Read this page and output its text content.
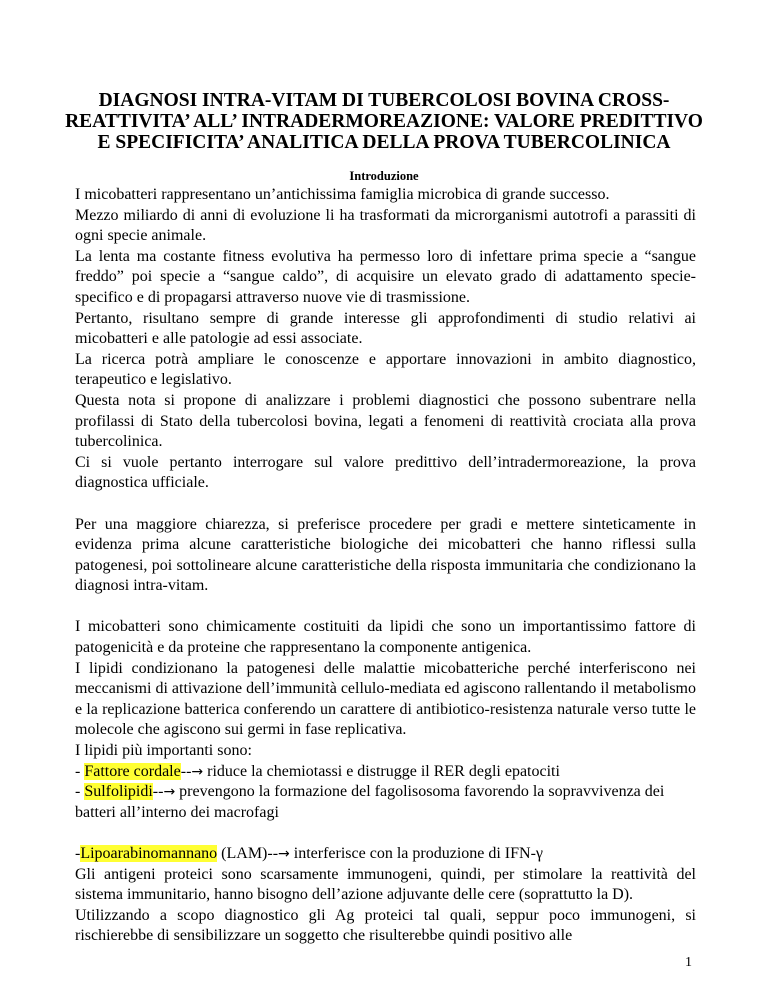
DIAGNOSI INTRA-VITAM DI TUBERCOLOSI BOVINA CROSS-REATTIVITA’ ALL’ INTRADERMOREAZIONE: VALORE PREDITTIVO E SPECIFICITA’ ANALITICA DELLA PROVA TUBERCOLINICA
Introduzione

I micobatteri rappresentano un’antichissima famiglia microbica di grande successo.

Mezzo miliardo di anni di evoluzione li ha trasformati da microrganismi autotrofi a parassiti di ogni specie animale.

La lenta ma costante fitness evolutiva ha permesso loro di infettare prima specie a “sangue freddo” poi specie a “sangue caldo”, di acquisire un elevato grado di adattamento specie-specifico e di propagarsi attraverso nuove vie di trasmissione.

Pertanto, risultano sempre di grande interesse gli approfondimenti di studio relativi ai micobatteri e alle patologie ad essi associate.

La ricerca potrà ampliare le conoscenze e apportare innovazioni in ambito diagnostico, terapeutico e legislativo.

Questa nota si propone di analizzare i problemi diagnostici che possono subentrare nella profilassi di Stato della tubercolosi bovina, legati a fenomeni di reattività crociata alla prova tubercolinica.

Ci si vuole pertanto interrogare sul valore predittivo dell’intradermoreazione, la prova diagnostica ufficiale.

Per una maggiore chiarezza, si preferisce procedere per gradi e mettere sinteticamente in evidenza prima alcune caratteristiche biologiche dei micobatteri che hanno riflessi sulla patogenesi, poi sottolineare alcune caratteristiche della risposta immunitaria che condizionano la diagnosi intra-vitam.

I micobatteri sono chimicamente costituiti da lipidi che sono un importantissimo fattore di patogenicità e da proteine che rappresentano la componente antigenica.

I lipidi condizionano la patogenesi delle malattie micobatteriche perché interferiscono nei meccanismi di attivazione dell’immunità cellulo-mediata ed agiscono rallentando il metabolismo e la replicazione batterica conferendo un carattere di antibiotico-resistenza naturale verso tutte le molecole che agiscono sui germi in fase replicativa.

I lipidi più importanti sono:

- Fattore cordale--→ riduce la chemiotassi e distrugge il RER degli epatociti

- Sulfolipidi--→ prevengono la formazione del fagolisosoma favorendo la sopravvivenza dei batteri all’interno dei macrofagi

-Lipoarabinomannano (LAM)--→ interferisce con la produzione di IFN-γ

Gli antigeni proteici sono scarsamente immunogeni, quindi, per stimolare la reattività del sistema immunitario, hanno bisogno dell’azione adjuvante delle cere (soprattutto la D).

Utilizzando a scopo diagnostico gli Ag proteici tal quali, seppur poco immunogeni, si rischierebbe di sensibilizzare un soggetto che risulterebbe quindi positivo alle

1
